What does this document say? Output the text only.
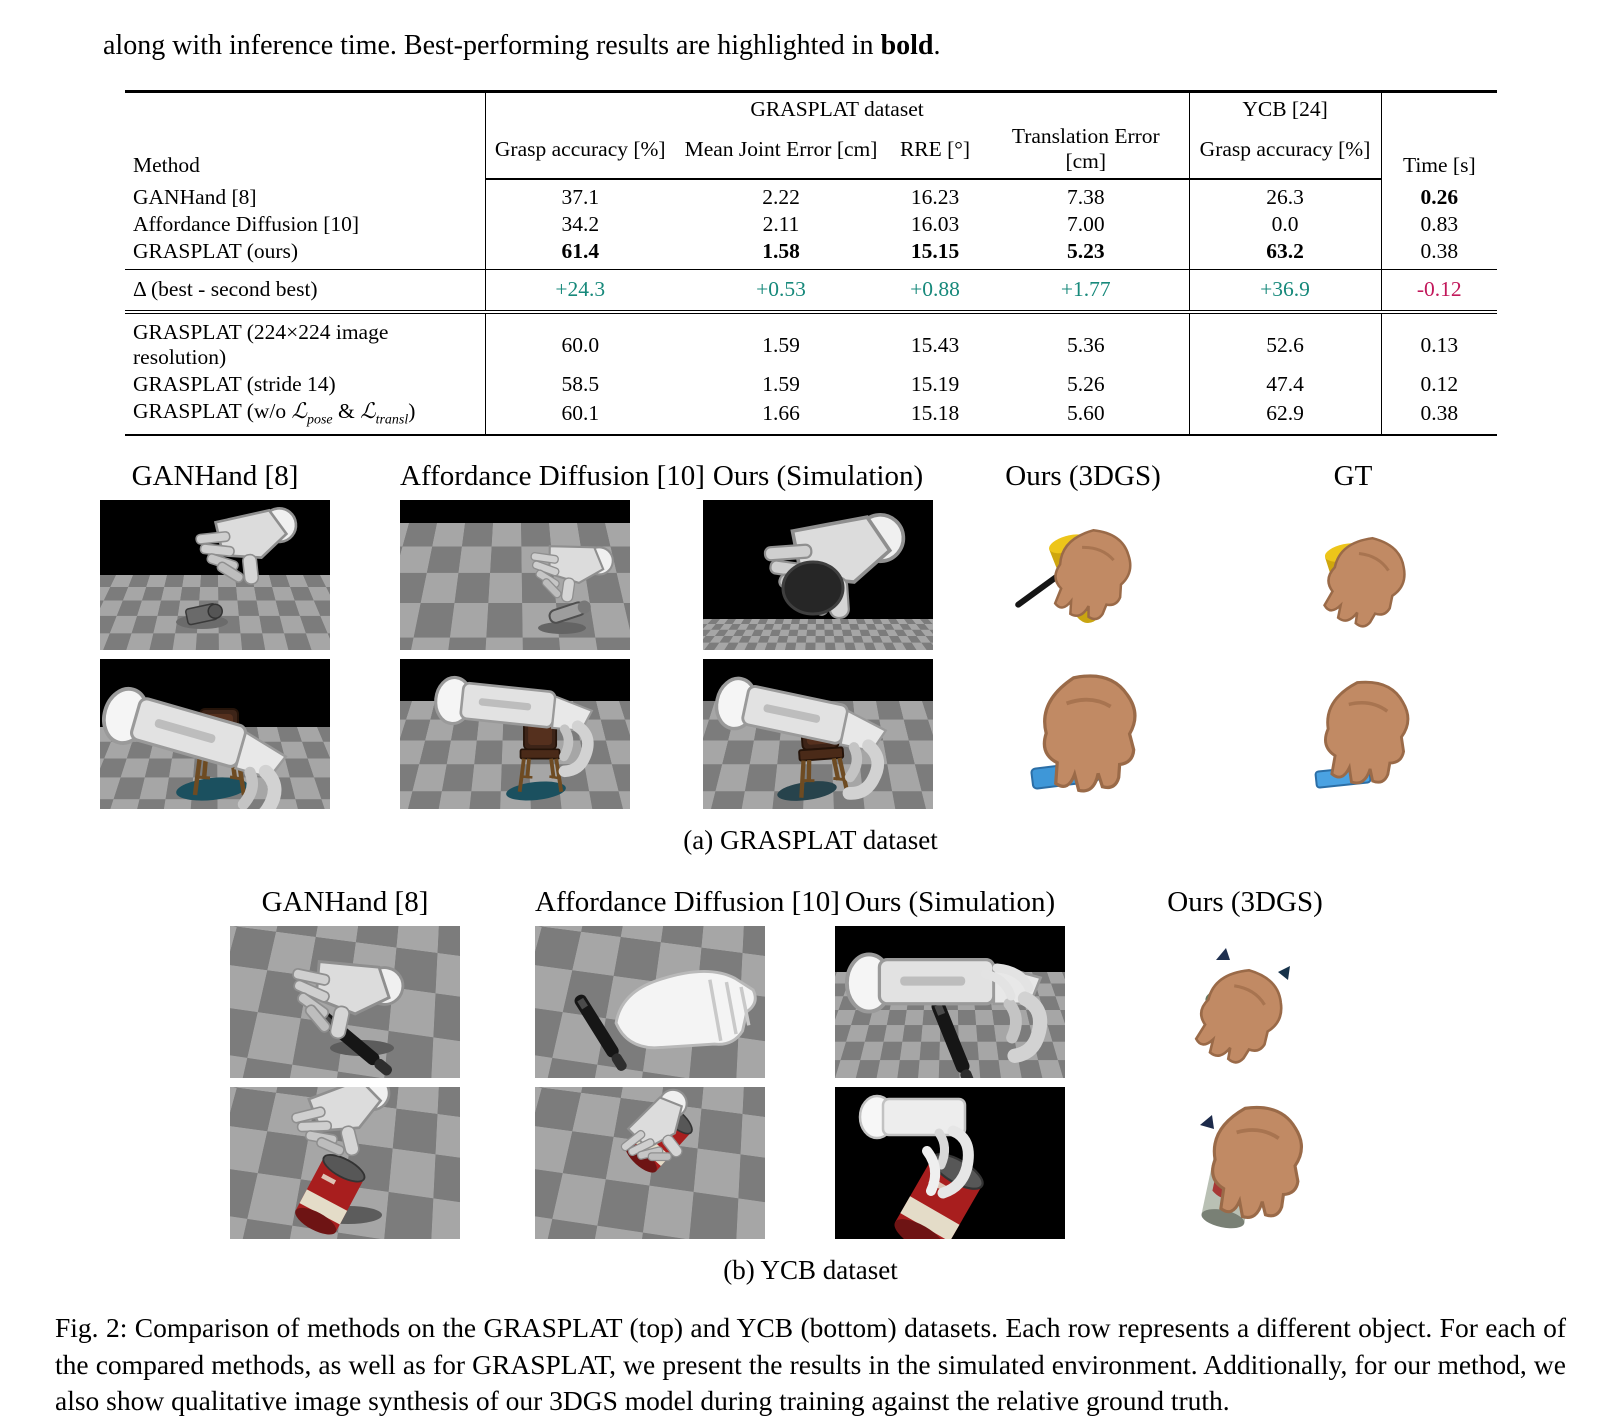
along with inference time. Best-performing results are highlighted in bold.

Method	GRASPLAT dataset				YCB [24]	Time [s]
	Grasp accuracy [%]	Mean Joint Error [cm]	RRE [°]	Translation Error [cm]	Grasp accuracy [%]	
GANHand [8]	37.1	2.22	16.23	7.38	26.3	0.26
Affordance Diffusion [10]	34.2	2.11	16.03	7.00	0.0	0.83
GRASPLAT (ours)	61.4	1.58	15.15	5.23	63.2	0.38
Δ (best - second best)	+24.3	+0.53	+0.88	+1.77	+36.9	-0.12
GRASPLAT (224×224 image resolution)	60.0	1.59	15.43	5.36	52.6	0.13
GRASPLAT (stride 14)	58.5	1.59	15.19	5.26	47.4	0.12
GRASPLAT (w/o ℒ$_{pose}$ & ℒ$_{transl}$)	60.1	1.66	15.18	5.60	62.9	0.38
GANHand [8]	Affordance Diffusion [10] Ours (Simulation)	Ours (3DGS)	GT
(a) GRASPLAT dataset
GANHand [8]	Affordance Diffusion [10] Ours (Simulation)	Ours (3DGS)
(b) YCB dataset

Fig. 2: Comparison of methods on the GRASPLAT (top) and YCB (bottom) datasets. Each row represents a different object. For each of the compared methods, as well as for GRASPLAT, we present the results in the simulated environment. Additionally, for our method, we also show qualitative image synthesis of our 3DGS model during training against the relative ground truth.
